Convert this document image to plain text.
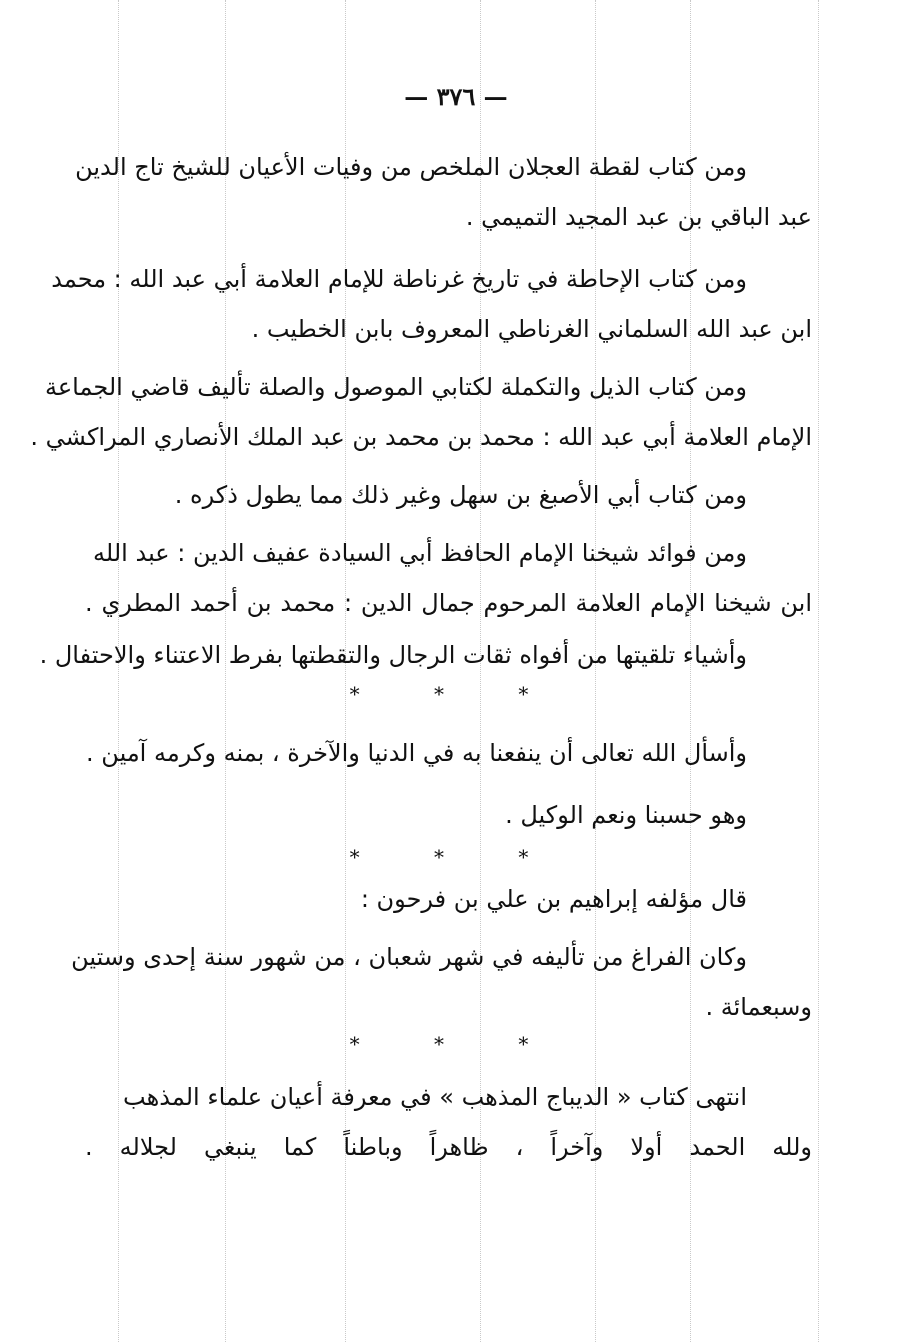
— ٣٧٦ —
ومن كتاب لقطة العجلان الملخص من وفيات الأعيان للشيخ تاج الدين
عبد الباقي بن عبد المجيد التميمي .
ومن كتاب الإحاطة في تاريخ غرناطة للإمام العلامة أبي عبد الله : محمد
ابن عبد الله السلماني الغرناطي المعروف بابن الخطيب .
ومن كتاب الذيل والتكملة لكتابي الموصول والصلة تأليف قاضي الجماعة
الإمام العلامة أبي عبد الله : محمد بن محمد بن عبد الملك الأنصاري المراكشي .
ومن كتاب أبي الأصبغ بن سهل وغير ذلك مما يطول ذكره .
ومن فوائد شيخنا الإمام الحافظ أبي السيادة عفيف الدين : عبد الله
ابن شيخنا الإمام العلامة المرحوم جمال الدين : محمد بن أحمد المطري .
وأشياء تلقيتها من أفواه ثقات الرجال والتقطتها بفرط الاعتناء والاحتفال .
* * *
وأسأل الله تعالى أن ينفعنا به في الدنيا والآخرة ، بمنه وكرمه آمين .
وهو حسبنا ونعم الوكيل .
* * *
قال مؤلفه إبراهيم بن علي بن فرحون :
وكان الفراغ من تأليفه في شهر شعبان ، من شهور سنة إحدى وستين
وسبعمائة .
* * *
انتهى كتاب « الديباج المذهب » في معرفة أعيان علماء المذهب
ولله الحمد أولا وآخراً ، ظاهراً وباطناً كما ينبغي لجلاله .
